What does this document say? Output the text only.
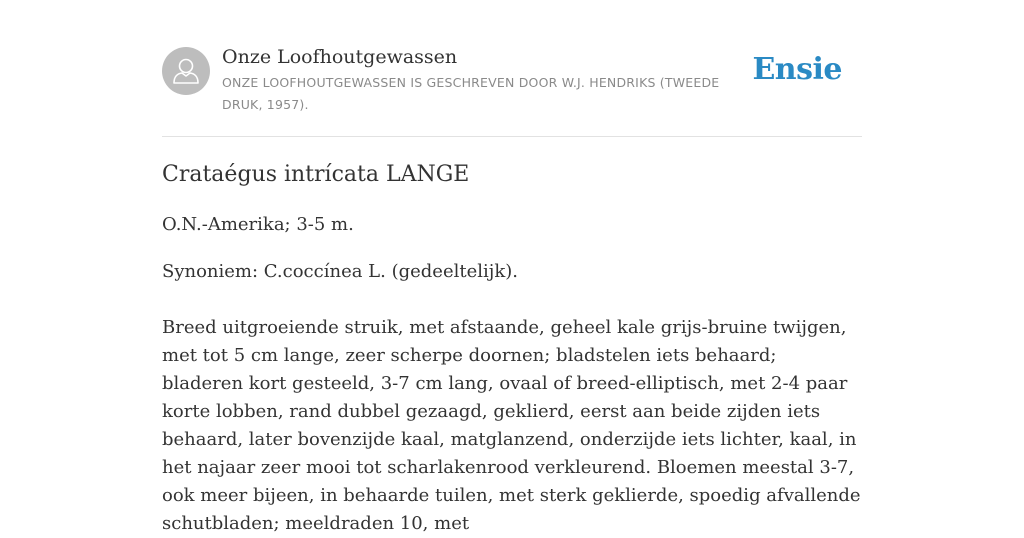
Onze Loofhoutgewassen
ONZE LOOFHOUTGEWASSEN IS GESCHREVEN DOOR W.J. HENDRIKS (TWEEDE DRUK, 1957).
Ensie
Crataégus intrícata LANGE

O.N.-Amerika; 3-5 m.

Synoniem: C.coccínea L. (gedeeltelijk).

Breed uitgroeiende struik, met afstaande, geheel kale grijs-bruine twijgen, met tot 5 cm lange, zeer scherpe doornen; bladstelen iets behaard; bladeren kort gesteeld, 3-7 cm lang, ovaal of breed-elliptisch, met 2-4 paar korte lobben, rand dubbel gezaagd, geklierd, eerst aan beide zijden iets behaard, later bovenzijde kaal, matglanzend, onderzijde iets lichter, kaal, in het najaar zeer mooi tot scharlakenrood verkleurend. Bloemen meestal 3-7, ook meer bijeen, in behaarde tuilen, met sterk geklierde, spoedig afvallende schutbladen; meeldraden 10, met
